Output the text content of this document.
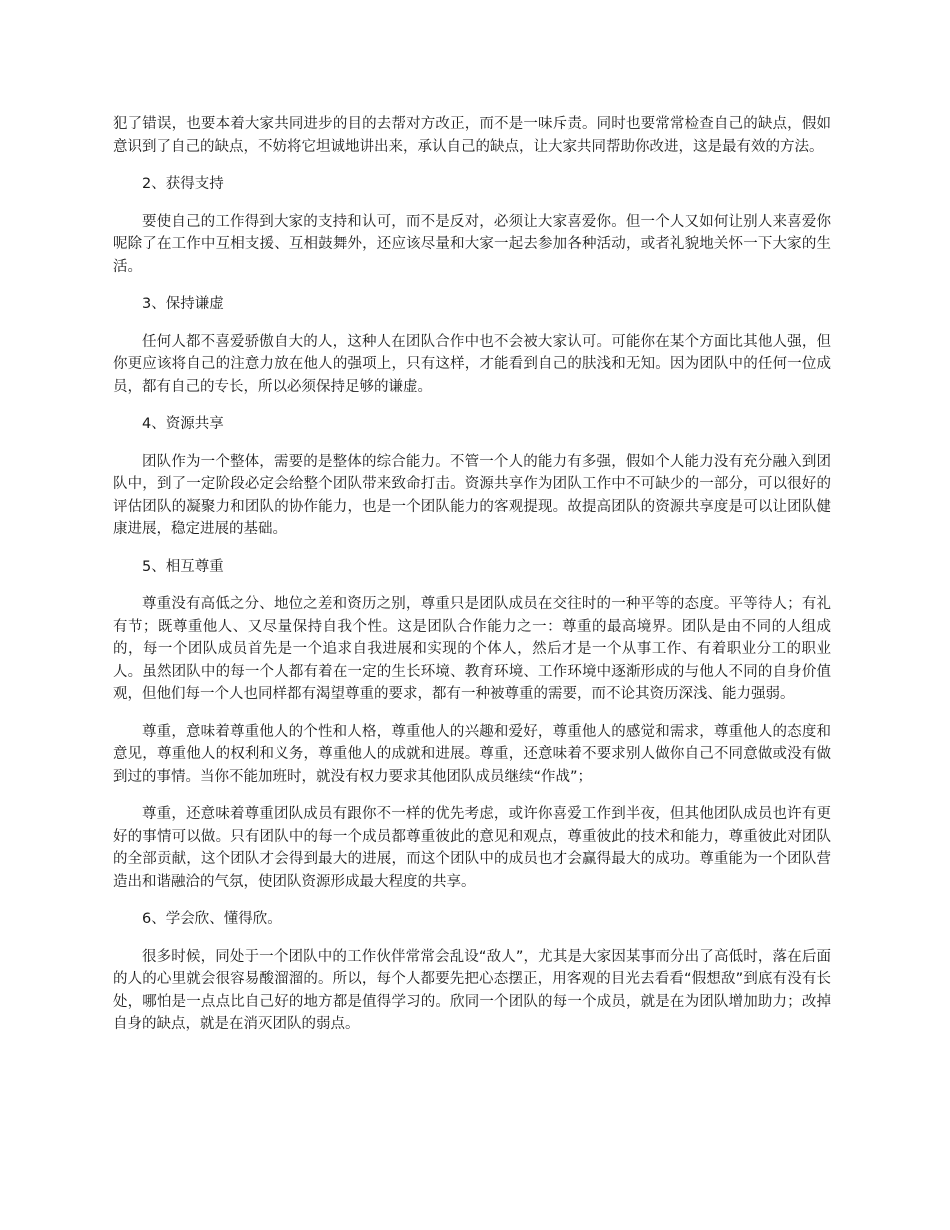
犯了错误，也要本着大家共同进步的目的去帮对方改正，而不是一味斥责。同时也要常常检查自己的缺点，假如意识到了自己的缺点，不妨将它坦诚地讲出来，承认自己的缺点，让大家共同帮助你改进，这是最有效的方法。

2、获得支持

要使自己的工作得到大家的支持和认可，而不是反对，必须让大家喜爱你。但一个人又如何让别人来喜爱你呢除了在工作中互相支援、互相鼓舞外，还应该尽量和大家一起去参加各种活动，或者礼貌地关怀一下大家的生活。

3、保持谦虚

任何人都不喜爱骄傲自大的人，这种人在团队合作中也不会被大家认可。可能你在某个方面比其他人强，但你更应该将自己的注意力放在他人的强项上，只有这样，才能看到自己的肤浅和无知。因为团队中的任何一位成员，都有自己的专长，所以必须保持足够的谦虚。

4、资源共享

团队作为一个整体，需要的是整体的综合能力。不管一个人的能力有多强，假如个人能力没有充分融入到团队中，到了一定阶段必定会给整个团队带来致命打击。资源共享作为团队工作中不可缺少的一部分，可以很好的评估团队的凝聚力和团队的协作能力，也是一个团队能力的客观提现。故提高团队的资源共享度是可以让团队健康进展，稳定进展的基础。

5、相互尊重

尊重没有高低之分、地位之差和资历之别，尊重只是团队成员在交往时的一种平等的态度。平等待人；有礼有节；既尊重他人、又尽量保持自我个性。这是团队合作能力之一：尊重的最高境界。团队是由不同的人组成的，每一个团队成员首先是一个追求自我进展和实现的个体人，然后才是一个从事工作、有着职业分工的职业人。虽然团队中的每一个人都有着在一定的生长环境、教育环境、工作环境中逐渐形成的与他人不同的自身价值观，但他们每一个人也同样都有渴望尊重的要求，都有一种被尊重的需要，而不论其资历深浅、能力强弱。

尊重，意味着尊重他人的个性和人格，尊重他人的兴趣和爱好，尊重他人的感觉和需求，尊重他人的态度和意见，尊重他人的权利和义务，尊重他人的成就和进展。尊重，还意味着不要求别人做你自己不同意做或没有做到过的事情。当你不能加班时，就没有权力要求其他团队成员继续“作战”；

尊重，还意味着尊重团队成员有跟你不一样的优先考虑，或许你喜爱工作到半夜，但其他团队成员也许有更好的事情可以做。只有团队中的每一个成员都尊重彼此的意见和观点，尊重彼此的技术和能力，尊重彼此对团队的全部贡献，这个团队才会得到最大的进展，而这个团队中的成员也才会赢得最大的成功。尊重能为一个团队营造出和谐融洽的气氛，使团队资源形成最大程度的共享。

6、学会欣、懂得欣。

很多时候，同处于一个团队中的工作伙伴常常会乱设“敌人”，尤其是大家因某事而分出了高低时，落在后面的人的心里就会很容易酸溜溜的。所以，每个人都要先把心态摆正，用客观的目光去看看“假想敌”到底有没有长处，哪怕是一点点比自己好的地方都是值得学习的。欣同一个团队的每一个成员，就是在为团队增加助力；改掉自身的缺点，就是在消灭团队的弱点。
